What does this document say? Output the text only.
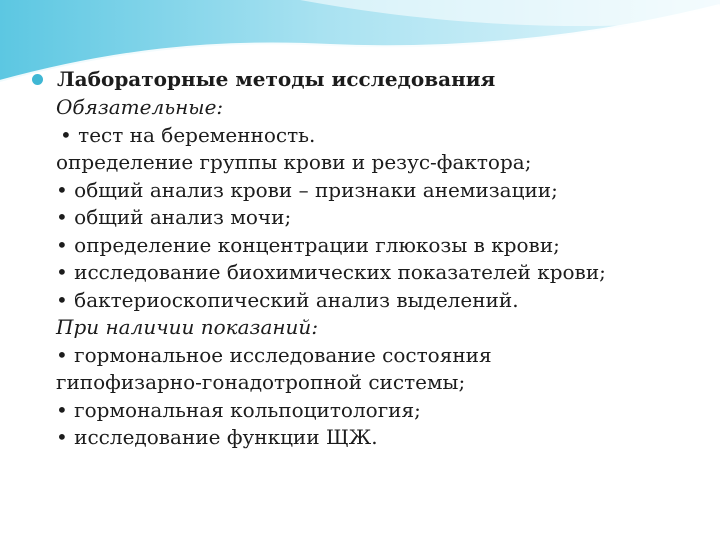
Лабораторные методы исследования
Обязательные:
• тест на беременность.
определение группы крови и резус-фактора;
• общий анализ крови – признаки анемизации;
• общий анализ мочи;
• определение концентрации глюкозы в крови;
• исследование биохимических показателей крови;
• бактериоскопический анализ выделений.
При наличии показаний:
• гормональное исследование состояния
гипофизарно-гонадотропной системы;
• гормональная кольпоцитология;
• исследование функции ЩЖ.
